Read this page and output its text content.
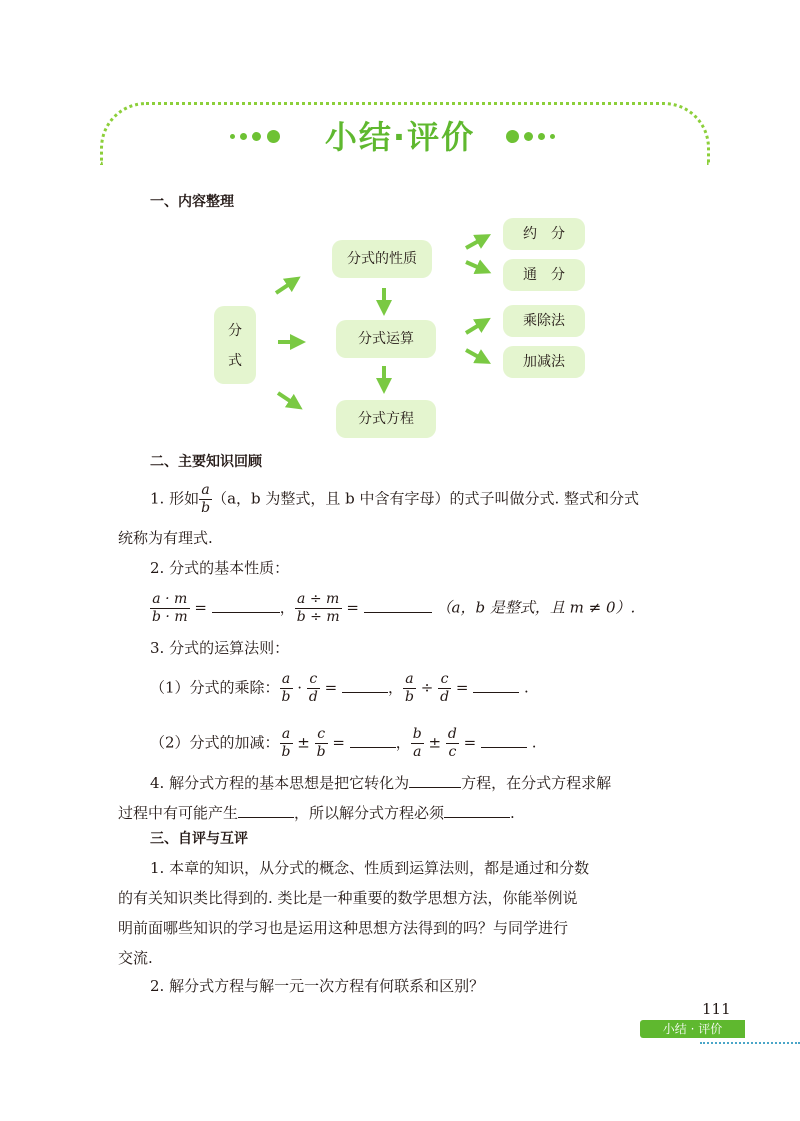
小结·评价
一、内容整理
分
式
分式的性质
分式运算
分式方程
约　分
通　分
乘除法
加减法
二、主要知识回顾
1. 形如 $\frac{a}{b} (a$，b 为整式，且 b 中含有字母）的式子叫做分式. 整式和分式
统称为有理式.
2. 分式的基本性质：
$\frac{a \cdot m}{b \cdot m}$ =	， $\frac{a \div m}{b \div m}$ =	（a，b 是整式，且 m ≠ 0）.
3. 分式的运算法则：
（1）分式的乘除： $\frac{a}{b} \cdot \frac{c}{d}$ =	， $\frac{a}{b} \div \frac{c}{d}$ =	.
（2）分式的加减： $\frac{a}{b} \pm \frac{c}{b}$ =	， $\frac{b}{a} \pm \frac{d}{c}$ =	.
4. 解分式方程的基本思想是把它转化为	方程，在分式方程求解
过程中有可能产生	，所以解分式方程必须	.
三、自评与互评
1. 本章的知识，从分式的概念、性质到运算法则，都是通过和分数
的有关知识类比得到的. 类比是一种重要的数学思想方法，你能举例说
明前面哪些知识的学习也是运用这种思想方法得到的吗？与同学进行
交流.
2. 解分式方程与解一元一次方程有何联系和区别？
111
小结 · 评价
